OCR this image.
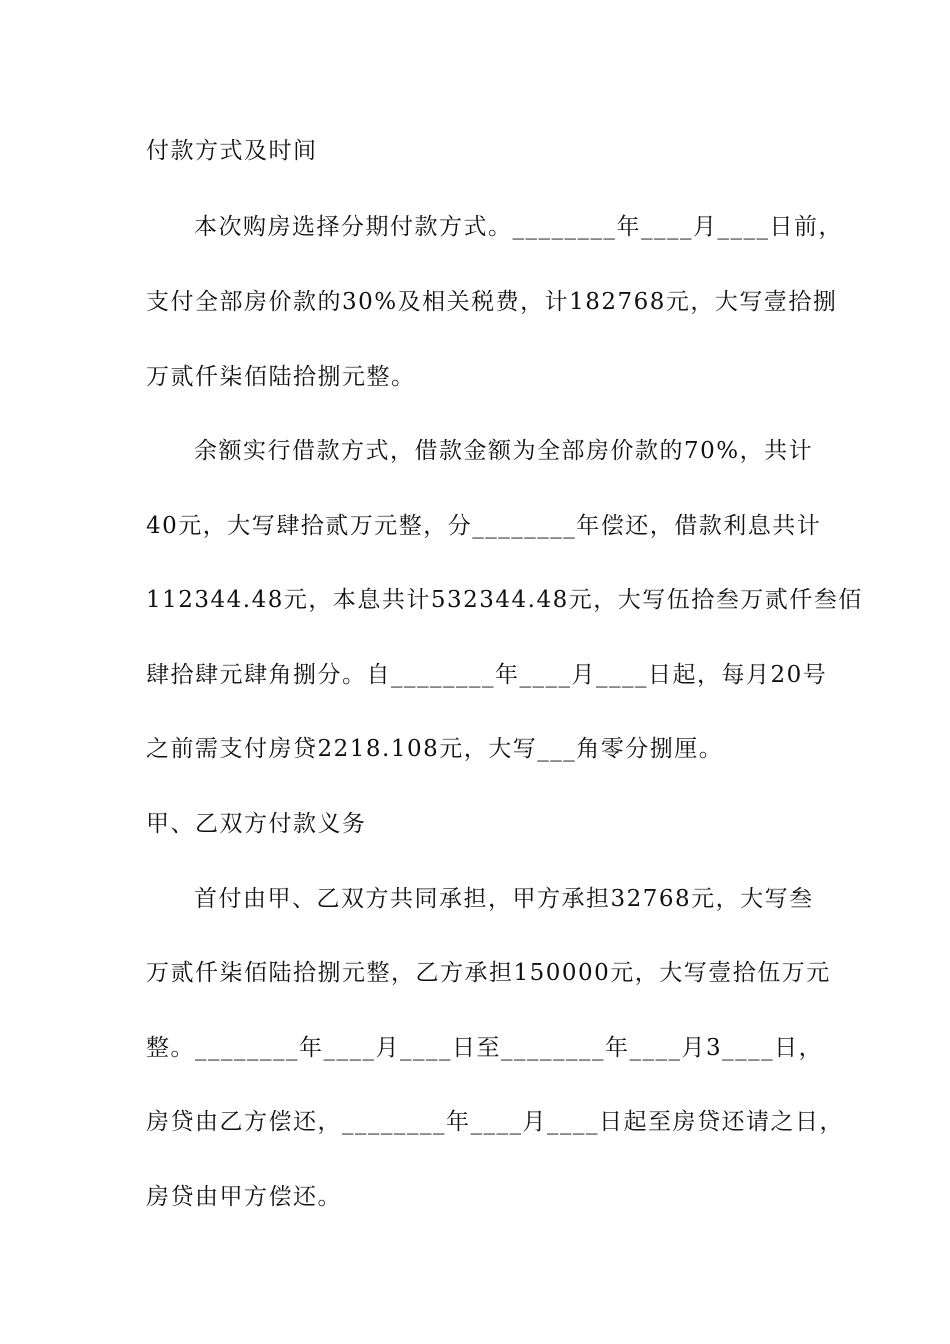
付款方式及时间
本次购房选择分期付款方式。________年____月____日前，
支付全部房价款的30%及相关税费，计182768元，大写壹拾捌
万贰仟柒佰陆拾捌元整。
余额实行借款方式，借款金额为全部房价款的70%，共计
40元，大写肆拾贰万元整，分________年偿还，借款利息共计
112344.48元，本息共计532344.48元，大写伍拾叁万贰仟叁佰
肆拾肆元肆角捌分。自________年____月____日起，每月20号
之前需支付房贷2218.108元，大写___角零分捌厘。
甲、乙双方付款义务
首付由甲、乙双方共同承担，甲方承担32768元，大写叁
万贰仟柒佰陆拾捌元整，乙方承担150000元，大写壹拾伍万元
整。________年____月____日至________年____月3____日，
房贷由乙方偿还，________年____月____日起至房贷还请之日，
房贷由甲方偿还。
